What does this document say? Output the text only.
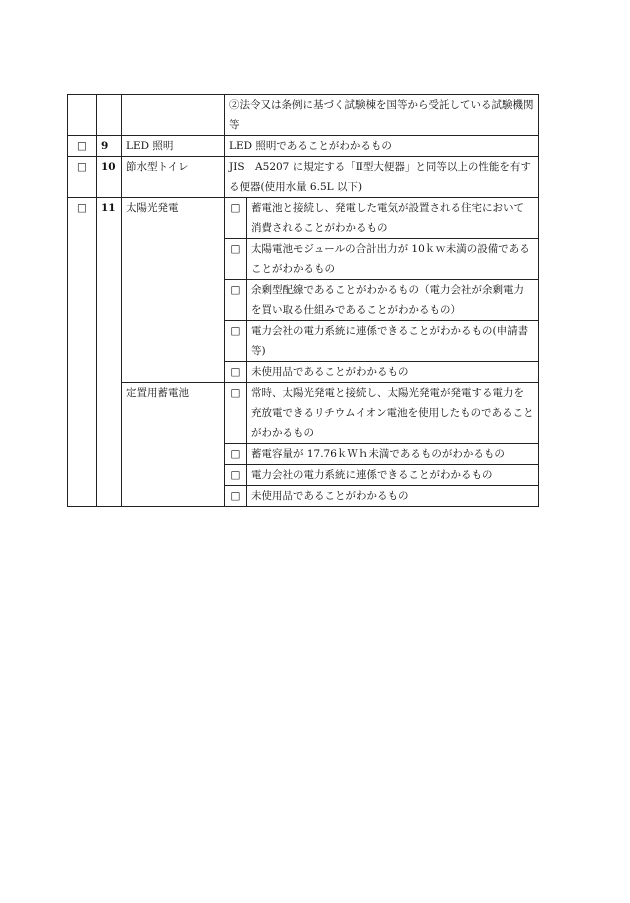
			②法令又は条例に基づく試験棟を国等から受託している試験機関等	
□	9	LED 照明	LED 照明であることがわかるもの	
□	10	節水型トイレ	JIS　A5207 に規定する「Ⅱ型大便器」と同等以上の性能を有する便器(使用水量 6.5L 以下)	
□	11	太陽光発電	□	蓄電池と接続し、発電した電気が設置される住宅において消費されることがわかるもの
			□	太陽電池モジュールの合計出力が 10ｋｗ未満の設備であることがわかるもの
			□	余剰型配線であることがわかるもの（電力会社が余剰電力を買い取る仕組みであることがわかるもの）
			□	電力会社の電力系統に連係できることがわかるもの(申請書等)
			□	未使用品であることがわかるもの
		定置用蓄電池	□	常時、太陽光発電と接続し、太陽光発電が発電する電力を充放電できるリチウムイオン電池を使用したものであることがわかるもの
			□	蓄電容量が 17.76ｋＷｈ未満であるものがわかるもの
			□	電力会社の電力系統に連係できることがわかるもの
			□	未使用品であることがわかるもの
